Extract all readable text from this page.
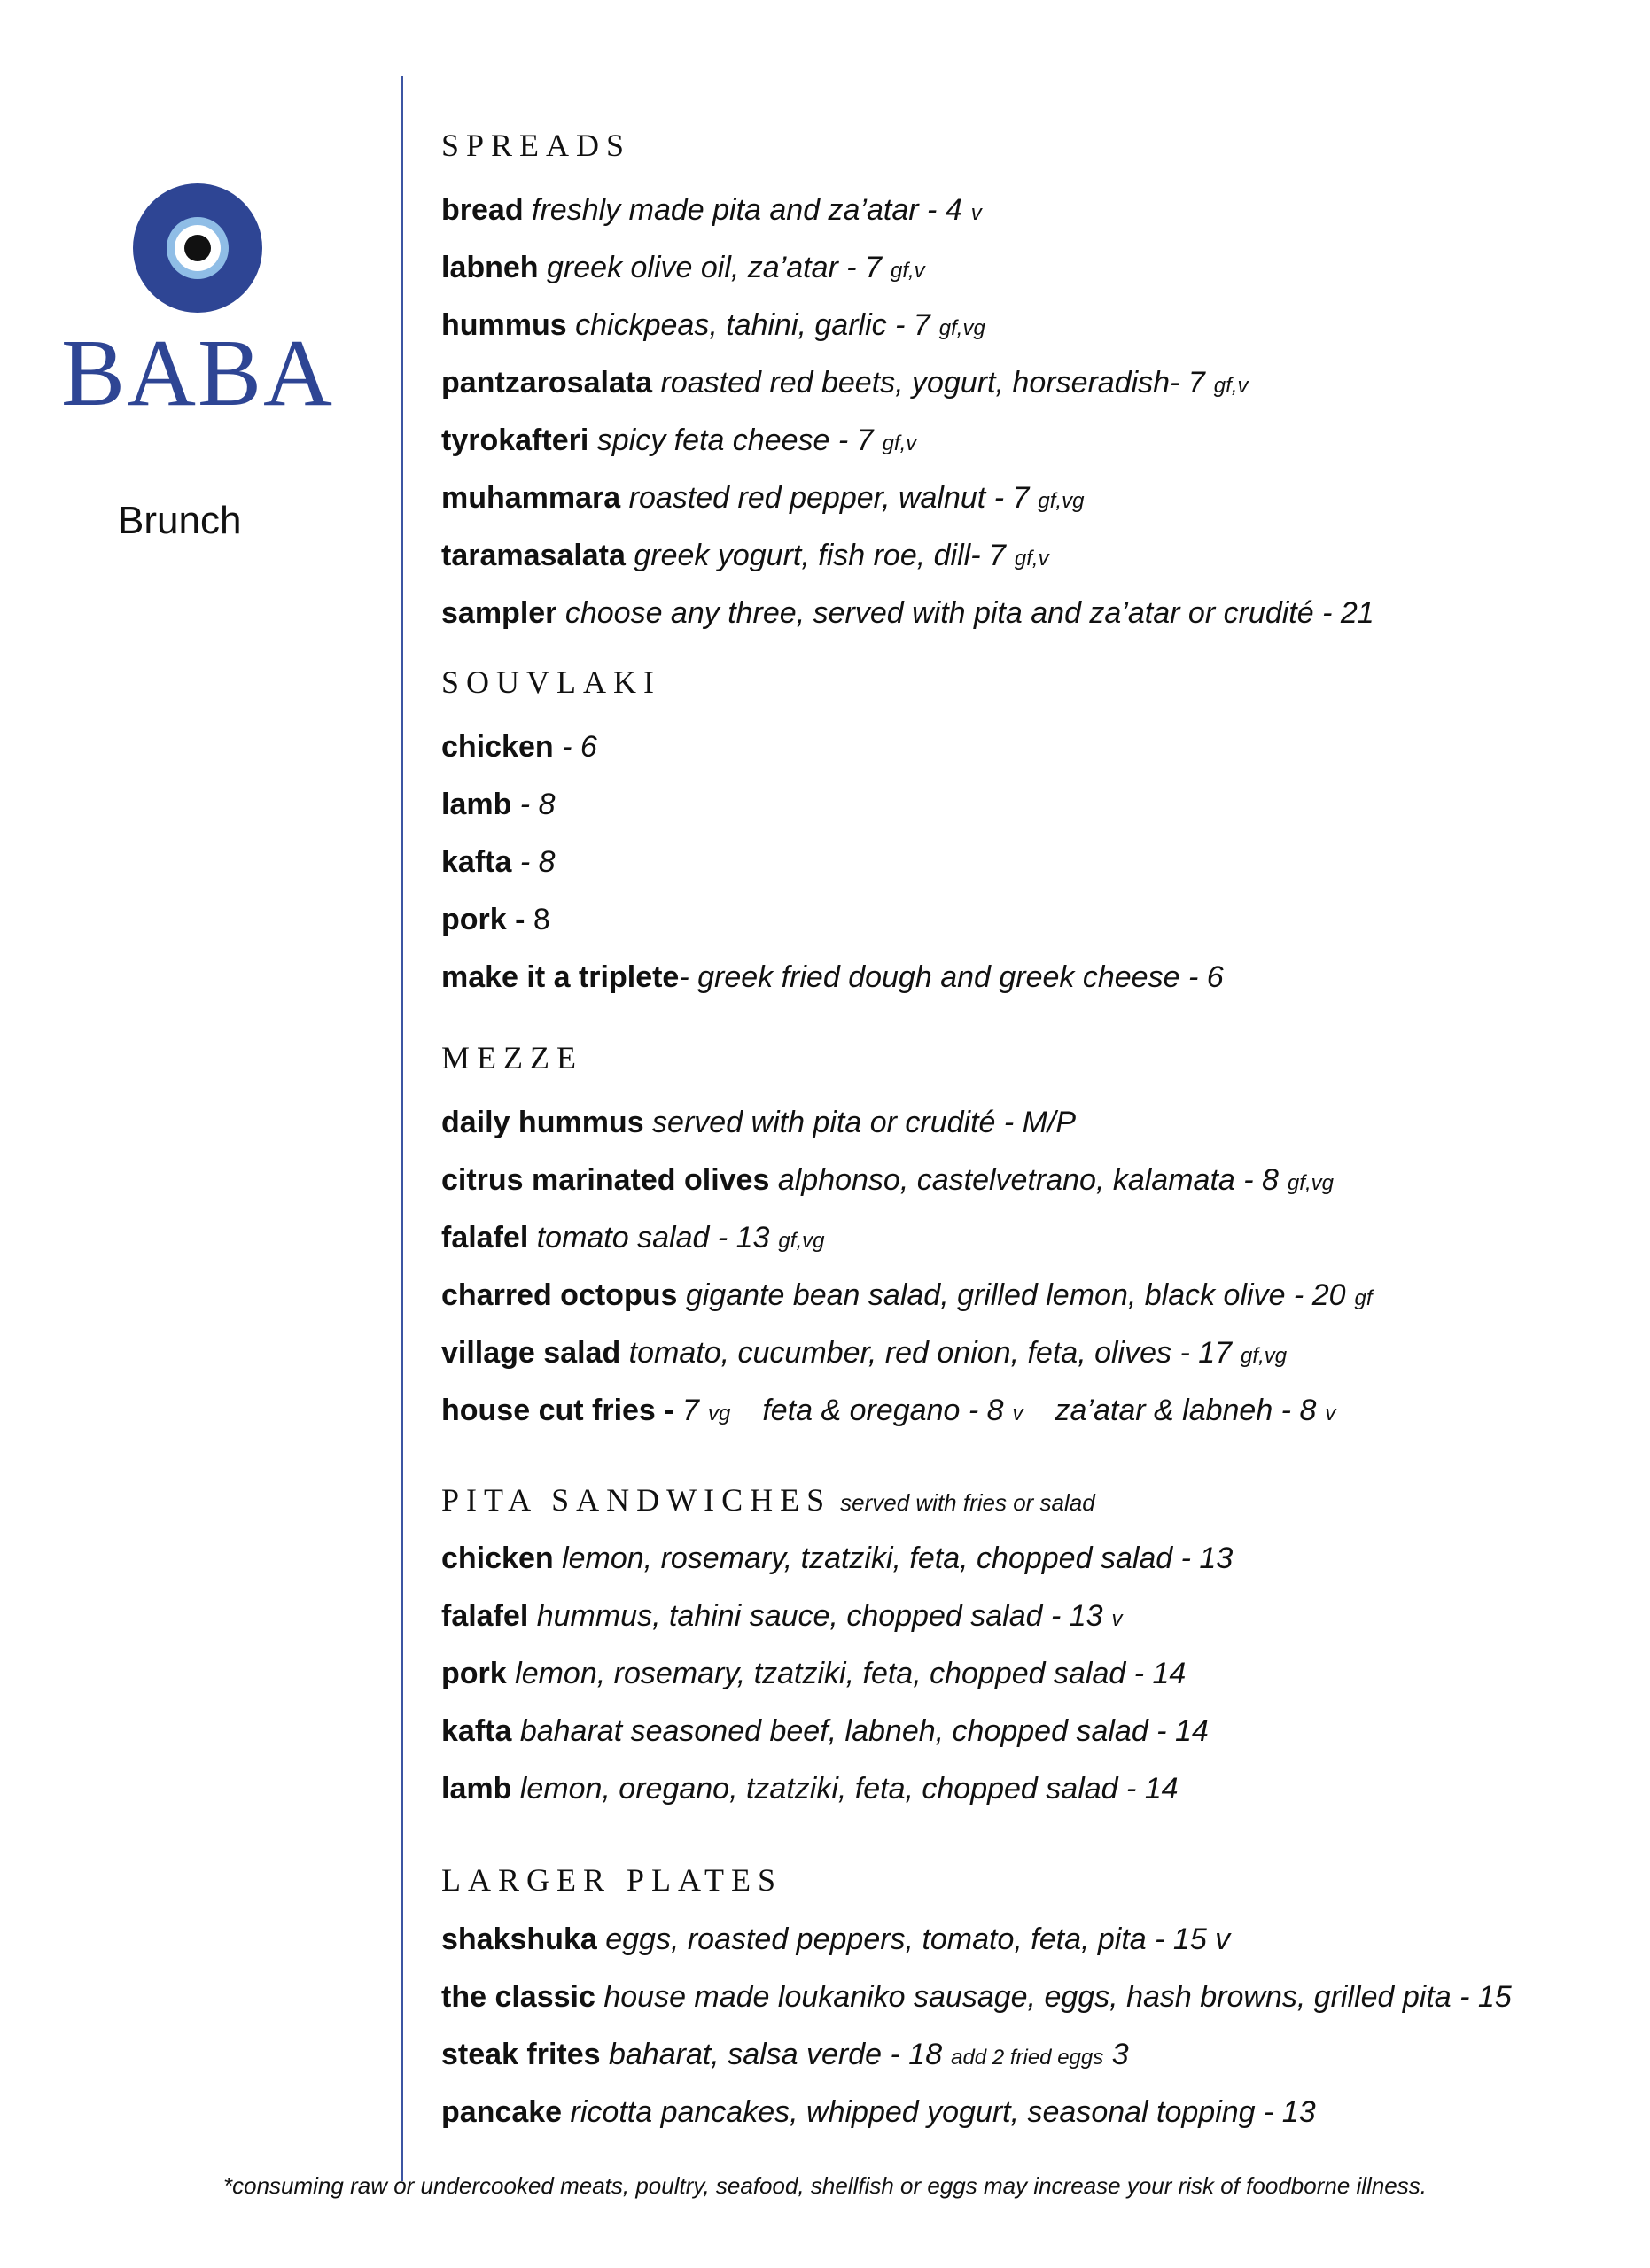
BABA
Brunch
SPREADS
bread freshly made pita and za’atar - 4 v
labneh greek olive oil, za’atar - 7 gf,v
hummus chickpeas, tahini, garlic - 7 gf,vg
pantzarosalata roasted red beets, yogurt, horseradish- 7 gf,v
tyrokafteri spicy feta cheese - 7 gf,v
muhammara roasted red pepper, walnut - 7 gf,vg
taramasalata greek yogurt, fish roe, dill- 7 gf,v
sampler choose any three, served with pita and za’atar or crudité - 21
SOUVLAKI
chicken - 6
lamb - 8
kafta - 8
pork - 8
make it a triplete- greek fried dough and greek cheese - 6
MEZZE
daily hummus served with pita or crudité - M/P
citrus marinated olives alphonso, castelvetrano, kalamata - 8 gf,vg
falafel tomato salad - 13 gf,vg
charred octopus gigante bean salad, grilled lemon, black olive - 20 gf
village salad tomato, cucumber, red onion, feta, olives - 17 gf,vg
house cut fries - 7 vg feta & oregano - 8 v za’atar & labneh - 8 v
PITA SANDWICHES served with fries or salad
chicken lemon, rosemary, tzatziki, feta, chopped salad - 13
falafel hummus, tahini sauce, chopped salad - 13 v
pork lemon, rosemary, tzatziki, feta, chopped salad - 14
kafta baharat seasoned beef, labneh, chopped salad - 14
lamb lemon, oregano, tzatziki, feta, chopped salad - 14
LARGER PLATES
shakshuka eggs, roasted peppers, tomato, feta, pita - 15 v
the classic house made loukaniko sausage, eggs, hash browns, grilled pita - 15
steak frites baharat, salsa verde - 18 add 2 fried eggs 3
pancake ricotta pancakes, whipped yogurt, seasonal topping - 13
*consuming raw or undercooked meats, poultry, seafood, shellfish or eggs may increase your risk of foodborne illness.
